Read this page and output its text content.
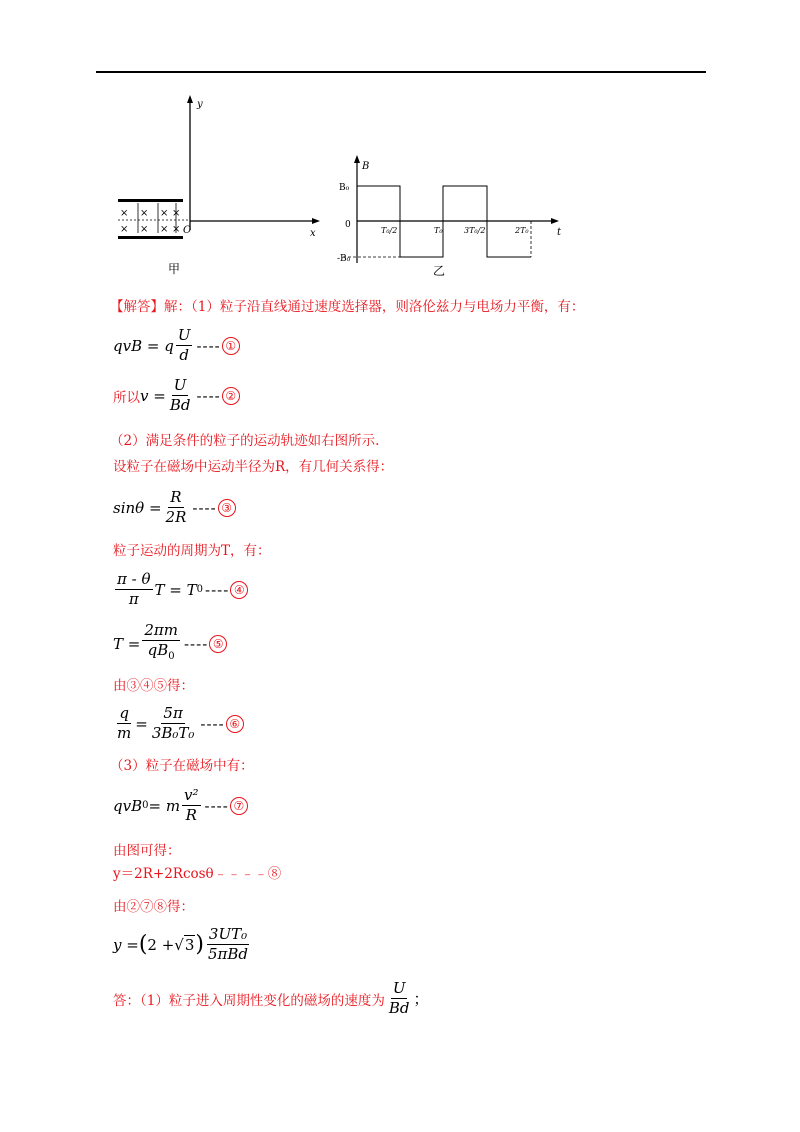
y
x
O
× × × ×
× × × ×
甲
B
t
B₀
-B₀
0
T₀/2	T₀	3T₀/2	2T₀
乙
【解答】解：（1）粒子沿直线通过速度选择器，则洛伦兹力与电场力平衡，有：
qvB = q $\frac{U}{d}$ ---- ①
所以 $v = \frac{U}{Bd}$ ---- ②
（2）满足条件的粒子的运动轨迹如右图所示.
设粒子在磁场中运动半径为R，有几何关系得：
$\sin\theta = \frac{R}{2R}$ ---- ③
粒子运动的周期为T，有：
$\frac{\pi - \theta}{\pi}$ T = T 0 ---- ④
$T = \frac{2\pi m}{qB_0}$ ---- ⑤
由③④⑤得：
$\frac{q}{m} = \frac{5\pi}{\text{3B₀T₀}}$ ---- ⑥
（3）粒子在磁场中有：
qvB 0 = m $\frac{\text{v²}}{R}$ ---- ⑦
由图可得：
y＝2R+2Rcosθ﹣﹣﹣﹣⑧
由②⑦⑧得：
y = ( 2 + √ 3 ) $\frac{\text{3UT₀}}{\text{5πBd}}$
答：（1）粒子进入周期性变化的磁场的速度为 $\frac{U}{Bd}$ ；
